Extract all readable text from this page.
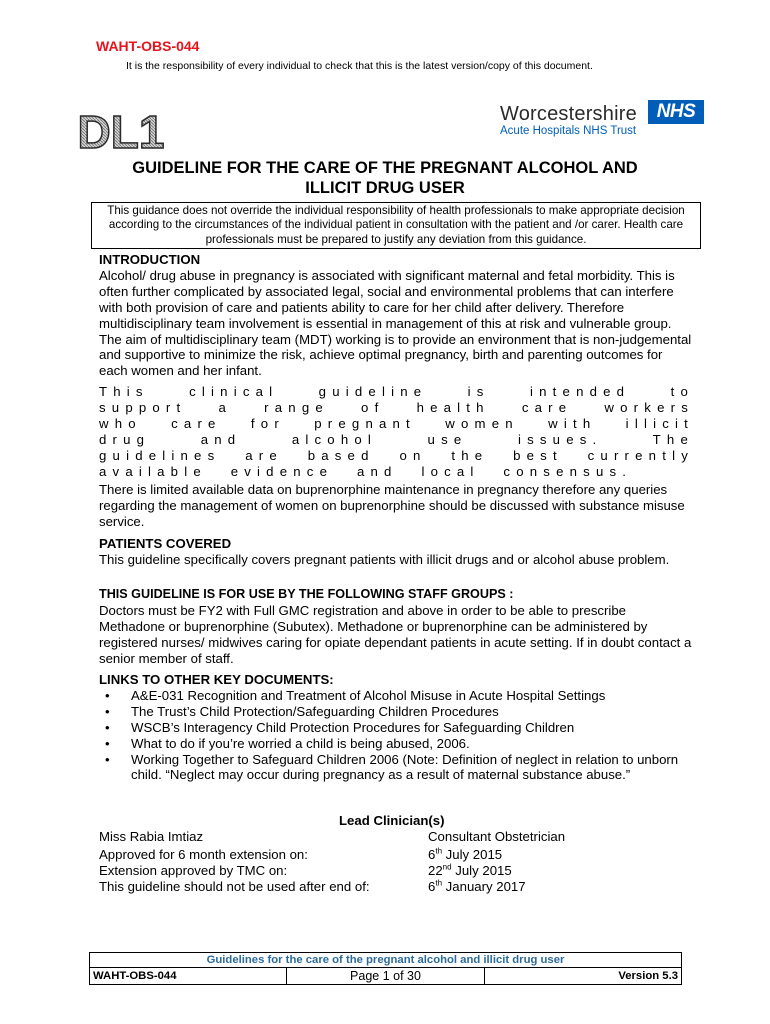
WAHT-OBS-044
It is the responsibility of every individual to check that this is the latest version/copy of this document.
DL1	Worcestershire
Acute Hospitals NHS Trust
NHS
GUIDELINE FOR THE CARE OF THE PREGNANT ALCOHOL AND
ILLICIT DRUG USER
This guidance does not override the individual responsibility of health professionals to make appropriate decision according to the circumstances of the individual patient in consultation with the patient and /or carer. Health care professionals must be prepared to justify any deviation from this guidance.
INTRODUCTION
Alcohol/ drug abuse in pregnancy is associated with significant maternal and fetal morbidity. This is often further complicated by associated legal, social and environmental problems that can interfere with both provision of care and patients ability to care for her child after delivery. Therefore multidisciplinary team involvement is essential in management of this at risk and vulnerable group. The aim of multidisciplinary team (MDT) working is to provide an environment that is non-judgemental and supportive to minimize the risk, achieve optimal pregnancy, birth and parenting outcomes for each women and her infant.
This clinical guideline is intended to support a range of health care workers who care for pregnant women with illicit drug and alcohol use issues. The guidelines are based on the best currently available evidence and local consensus.
There is limited available data on buprenorphine maintenance in pregnancy therefore any queries regarding the management of women on buprenorphine should be discussed with substance misuse service.
PATIENTS COVERED
This guideline specifically covers pregnant patients with illicit drugs and or alcohol abuse problem.
THIS GUIDELINE IS FOR USE BY THE FOLLOWING STAFF GROUPS :
Doctors must be FY2 with Full GMC registration and above in order to be able to prescribe Methadone or buprenorphine (Subutex). Methadone or buprenorphine can be administered by registered nurses/ midwives caring for opiate dependant patients in acute setting. If in doubt contact a senior member of staff.
LINKS TO OTHER KEY DOCUMENTS:
• A&E-031 Recognition and Treatment of Alcohol Misuse in Acute Hospital Settings
• The Trust’s Child Protection/Safeguarding Children Procedures
• WSCB’s Interagency Child Protection Procedures for Safeguarding Children
• What to do if you’re worried a child is being abused, 2006.
• Working Together to Safeguard Children 2006 (Note: Definition of neglect in relation to unborn child. “Neglect may occur during pregnancy as a result of maternal substance abuse.”
Lead Clinician(s)
Miss Rabia Imtiaz	Consultant Obstetrician
Approved for 6 month extension on:	6th July 2015
Extension approved by TMC on:	22nd July 2015
This guideline should not be used after end of:	6th January 2017
Guidelines for the care of the pregnant alcohol and illicit drug user
WAHT-OBS-044	Page 1 of 30	Version 5.3
